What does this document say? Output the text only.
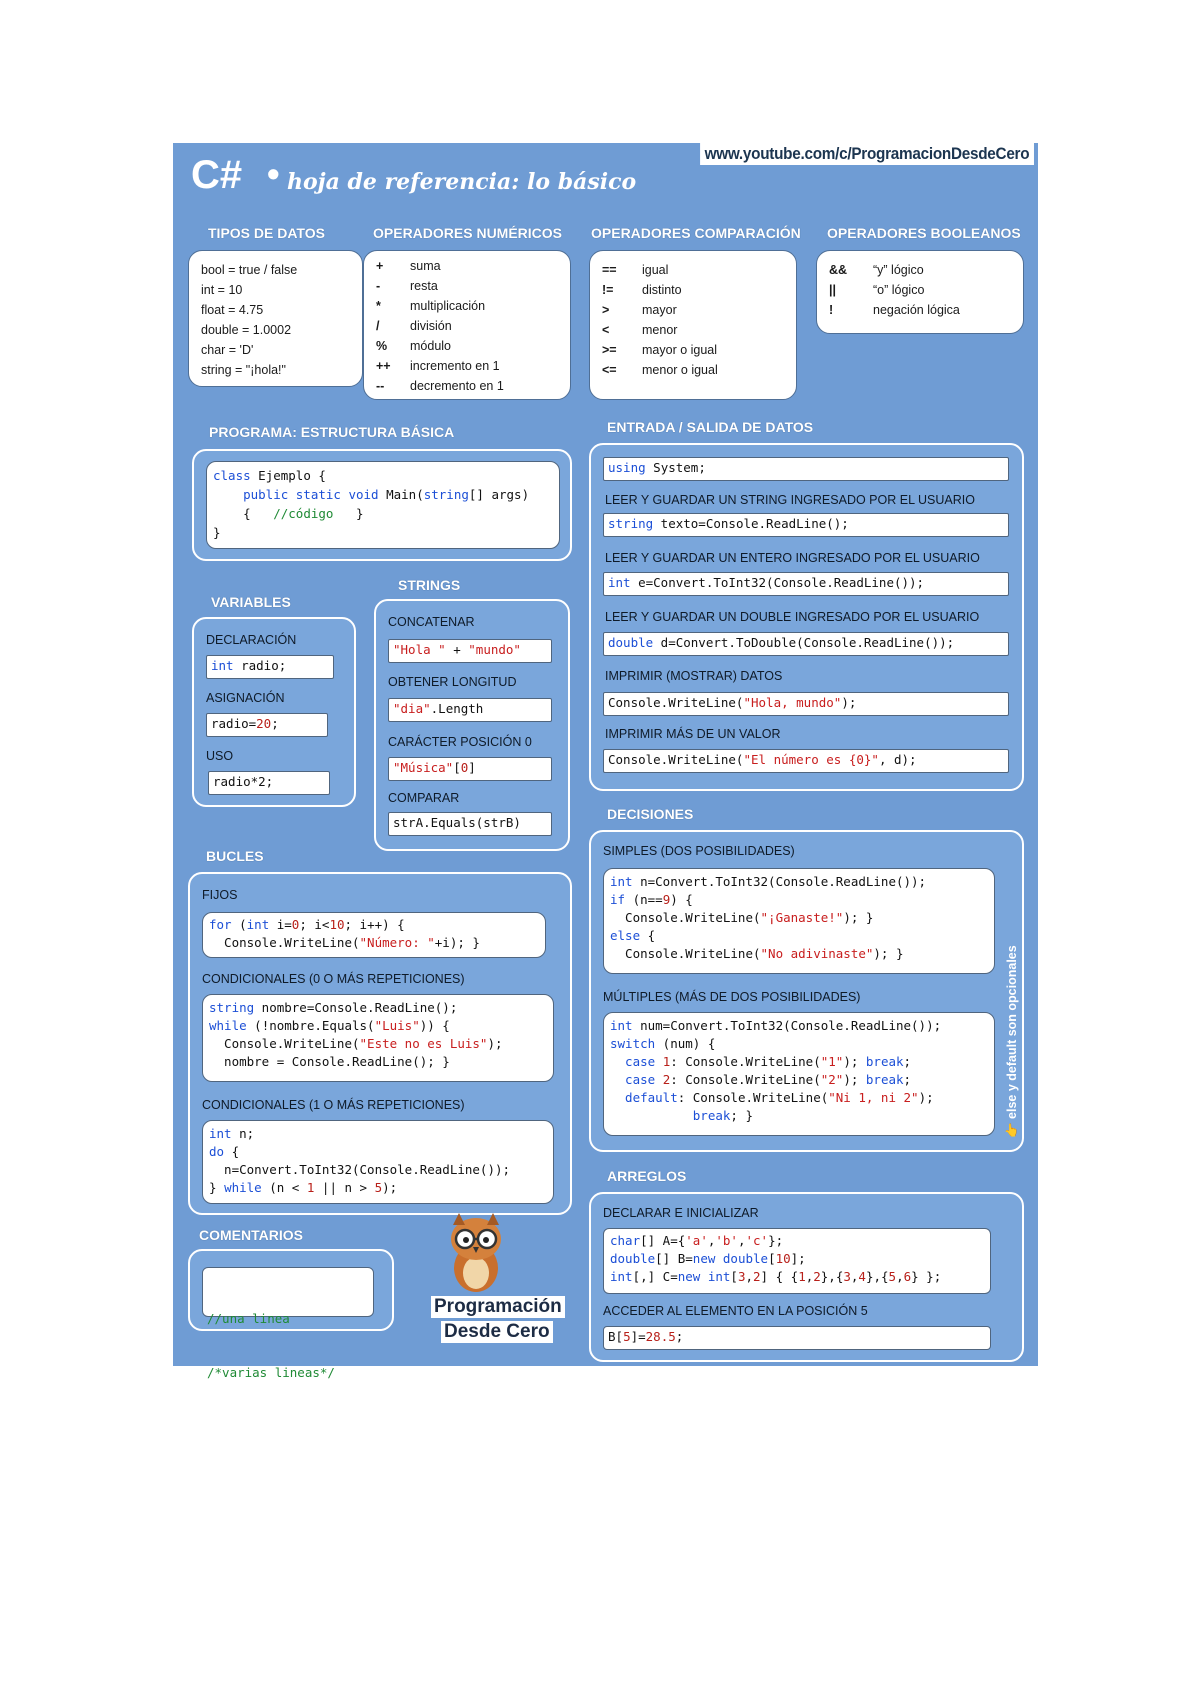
www.youtube.com/c/ProgramacionDesdeCero
C# • hoja de referencia: lo básico
TIPOS DE DATOS
bool = true / false
int = 10
float = 4.75
double = 1.0002
char = 'D'
string = "¡hola!"
OPERADORES NUMÉRICOS
+ suma
- resta
* multiplicación
/ división
% módulo
++ incremento en 1
-- decremento en 1
OPERADORES COMPARACIÓN
== igual
!= distinto
>	mayor
<	menor
>= mayor o igual
<= menor o igual
OPERADORES BOOLEANOS
&& “y” lógico
||	“o” lógico
!	negación lógica
PROGRAMA: ESTRUCTURA BÁSICA
class Ejemplo {
public static void Main(string[] args)
{   //código   }
}
VARIABLES
DECLARACIÓN
int radio;
ASIGNACIÓN
radio=20;
USO
radio*2;
STRINGS
CONCATENAR
"Hola " + "mundo"
OBTENER LONGITUD
"dia".Length
CARÁCTER POSICIÓN 0
"Música"[0]
COMPARAR
strA.Equals(strB)
ENTRADA / SALIDA DE DATOS
using System;
LEER Y GUARDAR UN STRING INGRESADO POR EL USUARIO
string texto=Console.ReadLine();
LEER Y GUARDAR UN ENTERO INGRESADO POR EL USUARIO
int e=Convert.ToInt32(Console.ReadLine());
LEER Y GUARDAR UN DOUBLE INGRESADO POR EL USUARIO
double d=Convert.ToDouble(Console.ReadLine());
IMPRIMIR (MOSTRAR) DATOS
Console.WriteLine("Hola, mundo");
IMPRIMIR MÁS DE UN VALOR
Console.WriteLine("El número es {0}", d);
BUCLES
FIJOS
for (int i=0; i<10; i++) {
Console.WriteLine("Número: "+i); }
CONDICIONALES (0 O MÁS REPETICIONES)
string nombre=Console.ReadLine();
while (!nombre.Equals("Luis")) {
Console.WriteLine("Este no es Luis");
nombre = Console.ReadLine(); }
CONDICIONALES (1 O MÁS REPETICIONES)
int n;
do {
n=Convert.ToInt32(Console.ReadLine());
} while (n < 1 || n > 5);
COMENTARIOS

//una linea

/*varias lineas*/

Programación
Desde Cero
DECISIONES
SIMPLES (DOS POSIBILIDADES)
int n=Convert.ToInt32(Console.ReadLine());
if (n==9) {
Console.WriteLine("¡Ganaste!"); }
else {
Console.WriteLine("No adivinaste"); }
MÚLTIPLES (MÁS DE DOS POSIBILIDADES)
int num=Convert.ToInt32(Console.ReadLine());
switch (num) {
case 1: Console.WriteLine("1"); break;
case 2: Console.WriteLine("2"); break;
default: Console.WriteLine("Ni 1, ni 2");
break; }	👉 else y default son opcionales
ARREGLOS
DECLARAR E INICIALIZAR
char[] A={'a','b','c'};
double[] B=new double[10];
int[,] C=new int[3,2] { {1,2},{3,4},{5,6} };
ACCEDER AL ELEMENTO EN LA POSICIÓN 5
B[5]=28.5;
